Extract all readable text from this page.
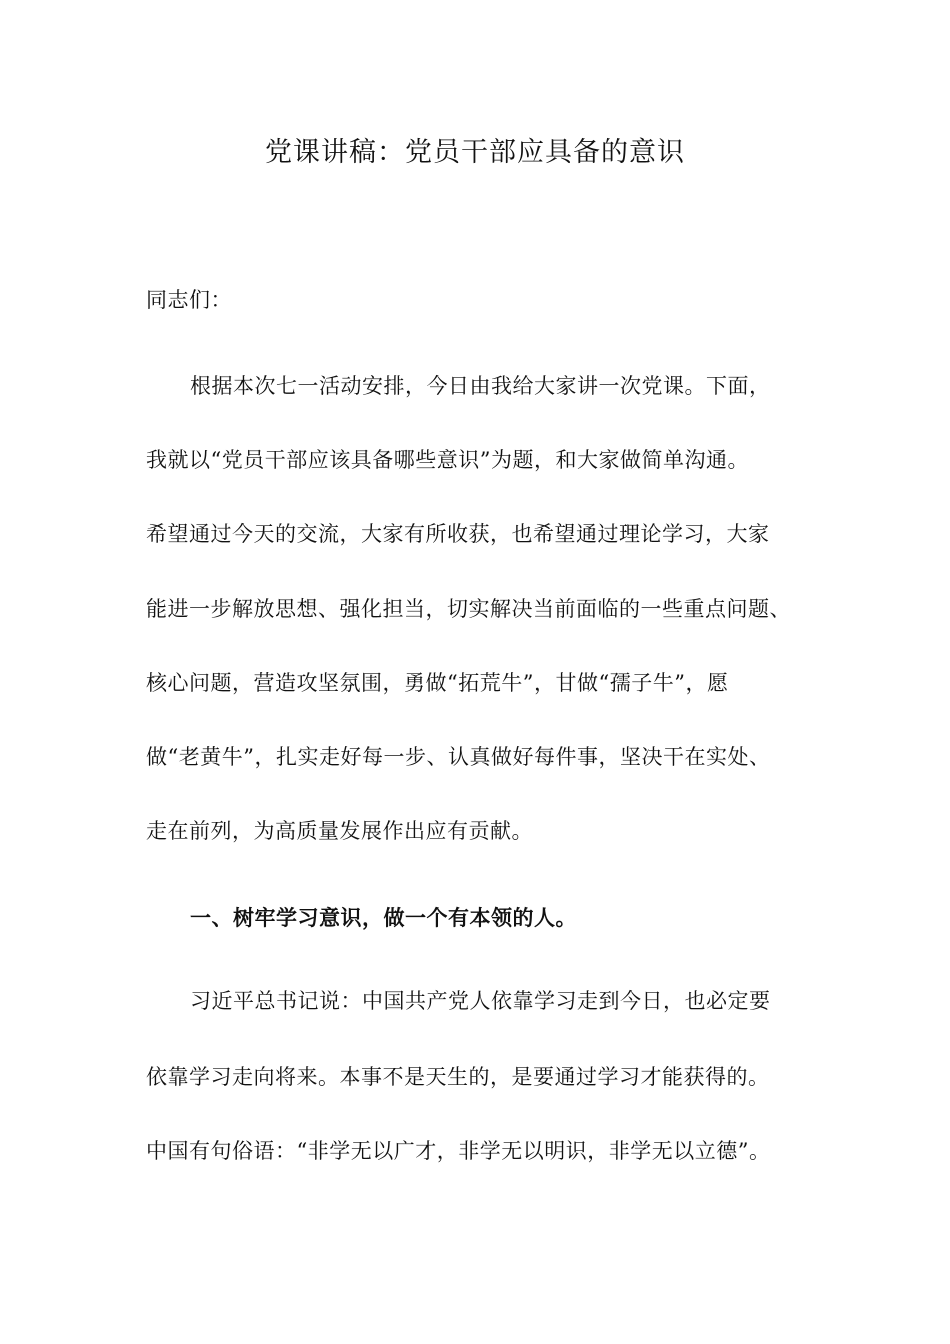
党课讲稿：党员干部应具备的意识
同志们：
根据本次七一活动安排，今日由我给大家讲一次党课。下面，
我就以“党员干部应该具备哪些意识”为题，和大家做简单沟通。
希望通过今天的交流，大家有所收获，也希望通过理论学习，大家
能进一步解放思想、强化担当，切实解决当前面临的一些重点问题、
核心问题，营造攻坚氛围，勇做“拓荒牛”，甘做“孺子牛”，愿
做“老黄牛”，扎实走好每一步、认真做好每件事，坚决干在实处、
走在前列，为高质量发展作出应有贡献。
一、树牢学习意识，做一个有本领的人。
习近平总书记说：中国共产党人依靠学习走到今日，也必定要
依靠学习走向将来。本事不是天生的，是要通过学习才能获得的。
中国有句俗语：“非学无以广才，非学无以明识，非学无以立德”。
